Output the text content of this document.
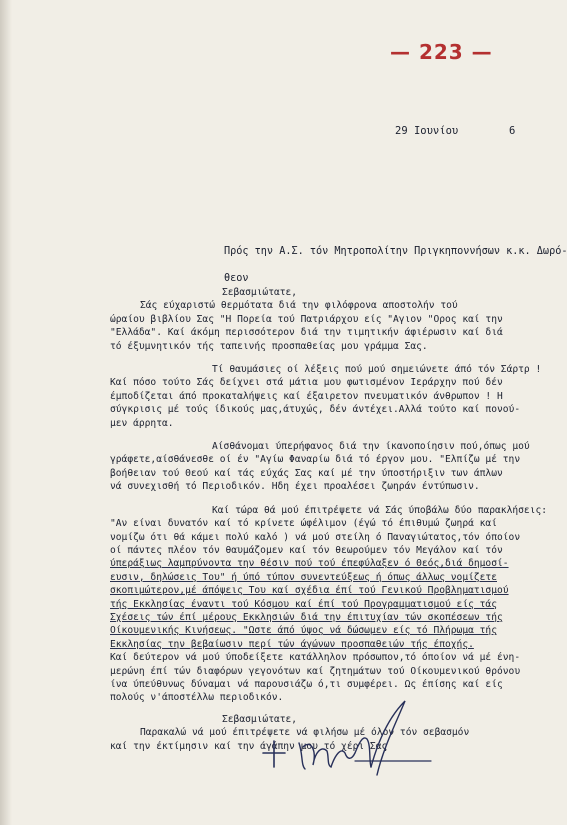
— 223 —
29 Ιουνίου	6
Πρός την Α.Σ. τόν Μητροπολίτην Πριγκηποννήσων κ.κ. Δωρό-
θεον
Σεβασμιώτατε,
Σάς εύχαριστώ θερμότατα διά την φιλόφρονα αποστολήν τού
ώραίου βιβλίου Σας "Η Πορεία τού Πατριάρχου είς "Αγιον "Ορος καί την
"Ελλάδα". Καί άκόμη περισσότερον διά την τιμητικήν άφιέρωσιν καί διά
τό έξυμνητικόν τής ταπεινής προσπαθείας μου γράμμα Σας.
Τί θαυμάσιες οί λέξεις πού μού σημειώνετε άπό τόν Σάρτρ !
Καί πόσο τούτο Σάς δείχνει στά μάτια μου φωτισμένον Ιεράρχην πού δέν
έμποδίζεται άπό προκαταλήψεις καί έξαιρετον πνευματικόν άνθρωπον ! Η
σύγκρισις μέ τούς ίδικούς μας,άτυχώς, δέν άντέχει.Αλλά τούτο καί πονού-
μεν άρρητα.
Αίσθάνομαι ύπερήφανος διά την ίκανοποίησιν πού,όπως μού
γράφετε,αίσθάνεσθε οί έν "Αγίω Φαναρίω διά τό έργον μου. "Ελπίζω μέ την
βοήθειαν τού Θεού καί τάς εύχάς Σας καί μέ την ύποστήριξιν των άπλων
νά συνεχισθή τό Περιοδικόν. Ηδη έχει προαλέσει ζωηράν έντύπωσιν.
Καί τώρα θά μού έπιτρέψετε νά Σάς ύποβάλω δύο παρακλήσεις:
"Αν είναι δυνατόν καί τό κρίνετε ώφέλιμον (έγώ τό έπιθυμώ ζωηρά καί
νομίζω ότι θά κάμει πολύ καλό ) νά μού στείλη ό Παναγιώτατος,τόν όποίον
οί πάντες πλέον τόν θαυμάζομεν καί τόν θεωρούμεν τόν Μεγάλον καί τόν
ύπεράξιως λαμπρύνοντα την θέσιν πού τού έπεφύλαξεν ό Θεός,διά δημοσί-
ευσιν, δηλώσεις Του" ή ύπό τύπον συνεντεύξεως ή όπως άλλως νομίζετε
σκοπιμώτερον,μέ άπόψεις Του καί σχέδια έπί τού Γενικού Προβληματισμού
τής Εκκλησίας έναντι τού Κόσμου καί έπί τού Προγραμματισμού είς τάς
Σχέσεις τών έπί μέρους Εκκλησιών διά την έπιτυχίαν τών σκοπέσεων τής
Οίκουμενικής Κινήσεως. "Ωστε άπό ύψος νά δώσωμεν είς τό Πλήρωμα τής
Εκκλησίας την βεβαίωσιν περί τών άγώνων προσπαθειών τής έποχής.
Καί δεύτερον νά μού ύποδείξετε κατάλληλον πρόσωπον,τό όποίον νά μέ ένη-
μερώνη έπί τών διαφόρων γεγονότων καί ζητημάτων τού Οίκουμενικού θρόνου
ίνα ύπεύθυνως δύναμαι νά παρουσιάζω ό,τι συμφέρει. Ως έπίσης καί είς
πολούς ν'άποστέλλω περιοδικόν.
Σεβασμιώτατε,
Παρακαλώ νά μού έπιτρέψετε νά φιλήσω μέ όλον τόν σεβασμόν
καί την έκτίμησιν καί την άγάπην μου τό χέρι Σας
